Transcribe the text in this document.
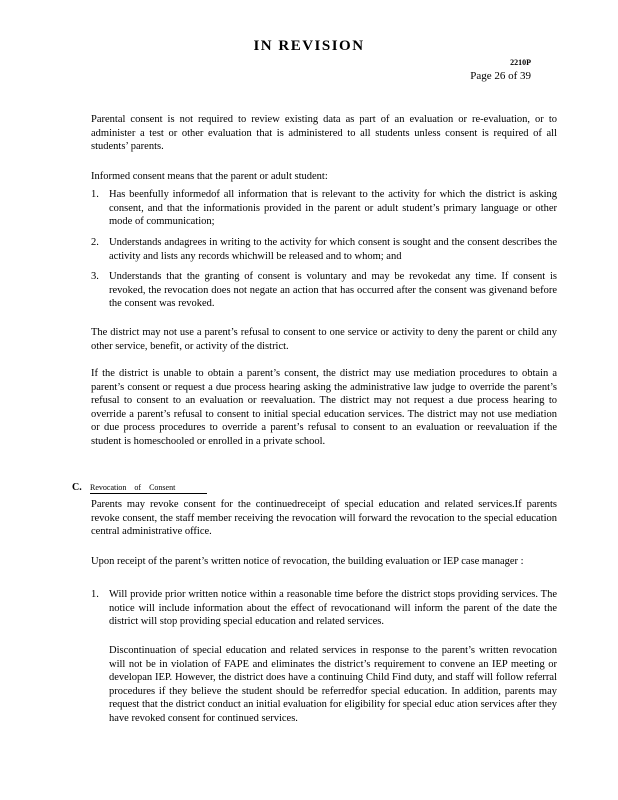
IN REVISION
2210P
Page 26 of 39
Parental consent is not required to review existing data as part of an evaluation or re-evaluation, or to administer a test or other evaluation that is administered to all students unless consent is required of all students’ parents.
Informed consent means that the parent or adult student:
1. Has beenfully informedof all information that is relevant to the activity for which the district is asking consent, and that the informationis provided in the parent or adult student’s primary language or other mode of communication;
2. Understands andagrees in writing to the activity for which consent is sought and the consent describes the activity and lists any records whichwill be released and to whom; and
3. Understands that the granting of consent is voluntary and may be revokedat any time. If consent is revoked, the revocation does not negate an action that has occurred after the consent was givenand before the consent was revoked.
The district may not use a parent’s refusal to consent to one service or activity to deny the parent or child any other service, benefit, or activity of the district.
If the district is unable to obtain a parent’s consent, the district may use mediation procedures to obtain a parent’s consent or request a due process hearing asking the administrative law judge to override the parent’s refusal to consent to an evaluation or reevaluation. The district may not request a due process hearing to override a parent’s refusal to consent to initial special education services. The district may not use mediation or due process procedures to override a parent’s refusal to consent to an evaluation or reevaluation if the student is homeschooled or enrolled in a private school.
C. Revocation of Consent
Parents may revoke consent for the continuedreceipt of special education and related services.If parents revoke consent, the staff member receiving the revocation will forward the revocation to the special education central administrative office.
Upon receipt of the parent’s written notice of revocation, the building evaluation or IEP case manager :
1. Will provide prior written notice within a reasonable time before the district stops providing services. The notice will include information about the effect of revocationand will inform the parent of the date the district will stop providing special education and related services.
Discontinuation of special education and related services in response to the parent’s written revocation will not be in violation of FAPE and eliminates the district’s requirement to convene an IEP meeting or developan IEP. However, the district does have a continuing Child Find duty, and staff will follow referral procedures if they believe the student should be referredfor special education. In addition, parents may request that the district conduct an initial evaluation for eligibility for special educ ation services after they have revoked consent for continued services.
